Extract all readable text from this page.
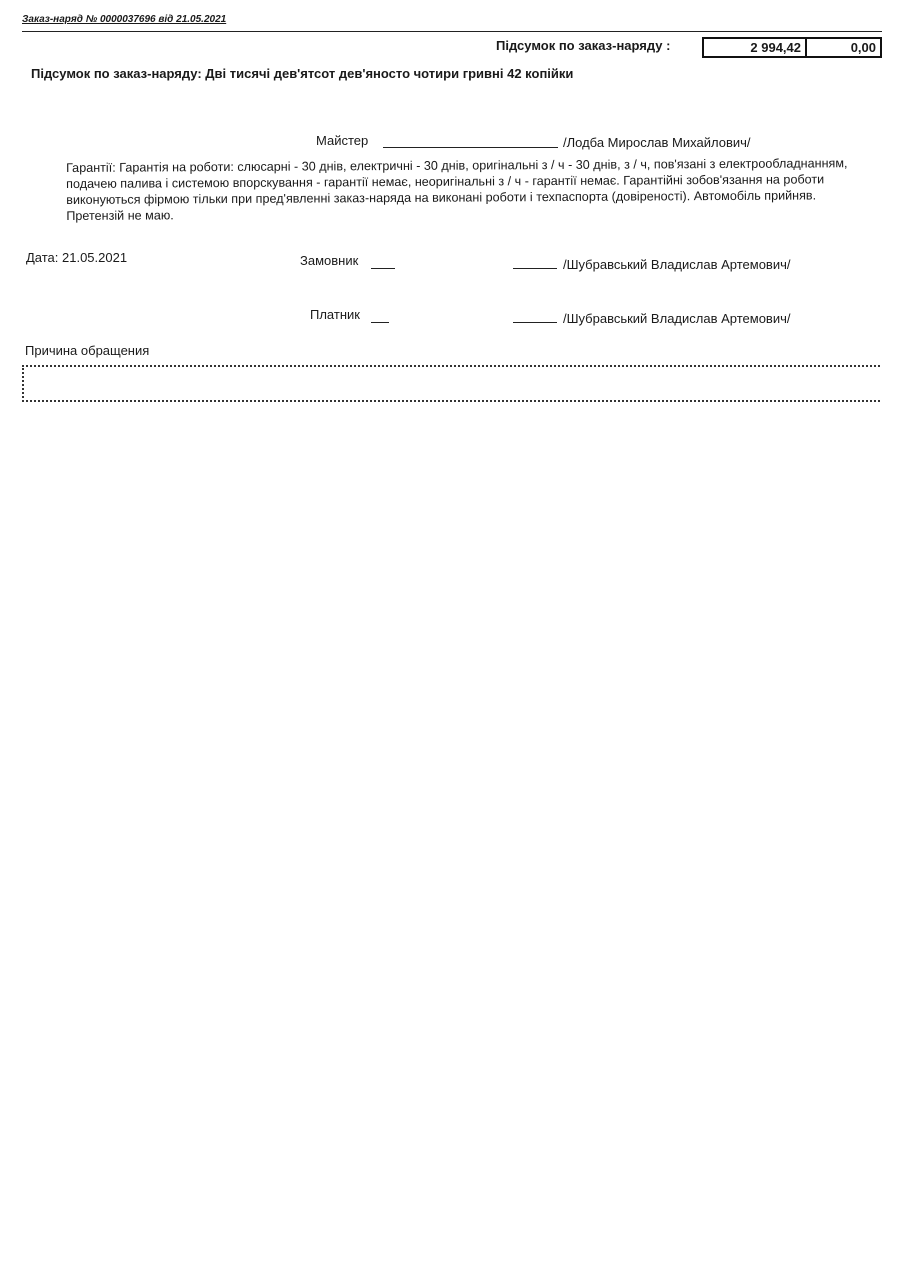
Заказ-наряд № 0000037696 від 21.05.2021
Підсумок по заказ-наряду :	2 994,42	0,00
Підсумок по заказ-наряду: Дві тисячі дев'ятсот дев'яносто чотири гривні 42 копійки
Майстер	/Лодба Мирослав Михайлович/

Гарантії: Гарантія на роботи: слюсарні - 30 днів, електричні - 30 днів, оригінальні з / ч - 30 днів, з / ч, пов'язані з електрообладнанням, подачею палива і системою впорскування - гарантії немає, неоригінальні з / ч - гарантії немає. Гарантійні зобов'язання на роботи виконуються фірмою тільки при пред'явленні заказ-наряда на виконані роботи і техпаспорта (довіреності). Автомобіль прийняв. Претензій не маю.

Дата: 21.05.2021	Замовник	/Шубравський Владислав Артемович/
Платник	/Шубравський Владислав Артемович/
Причина обращения
